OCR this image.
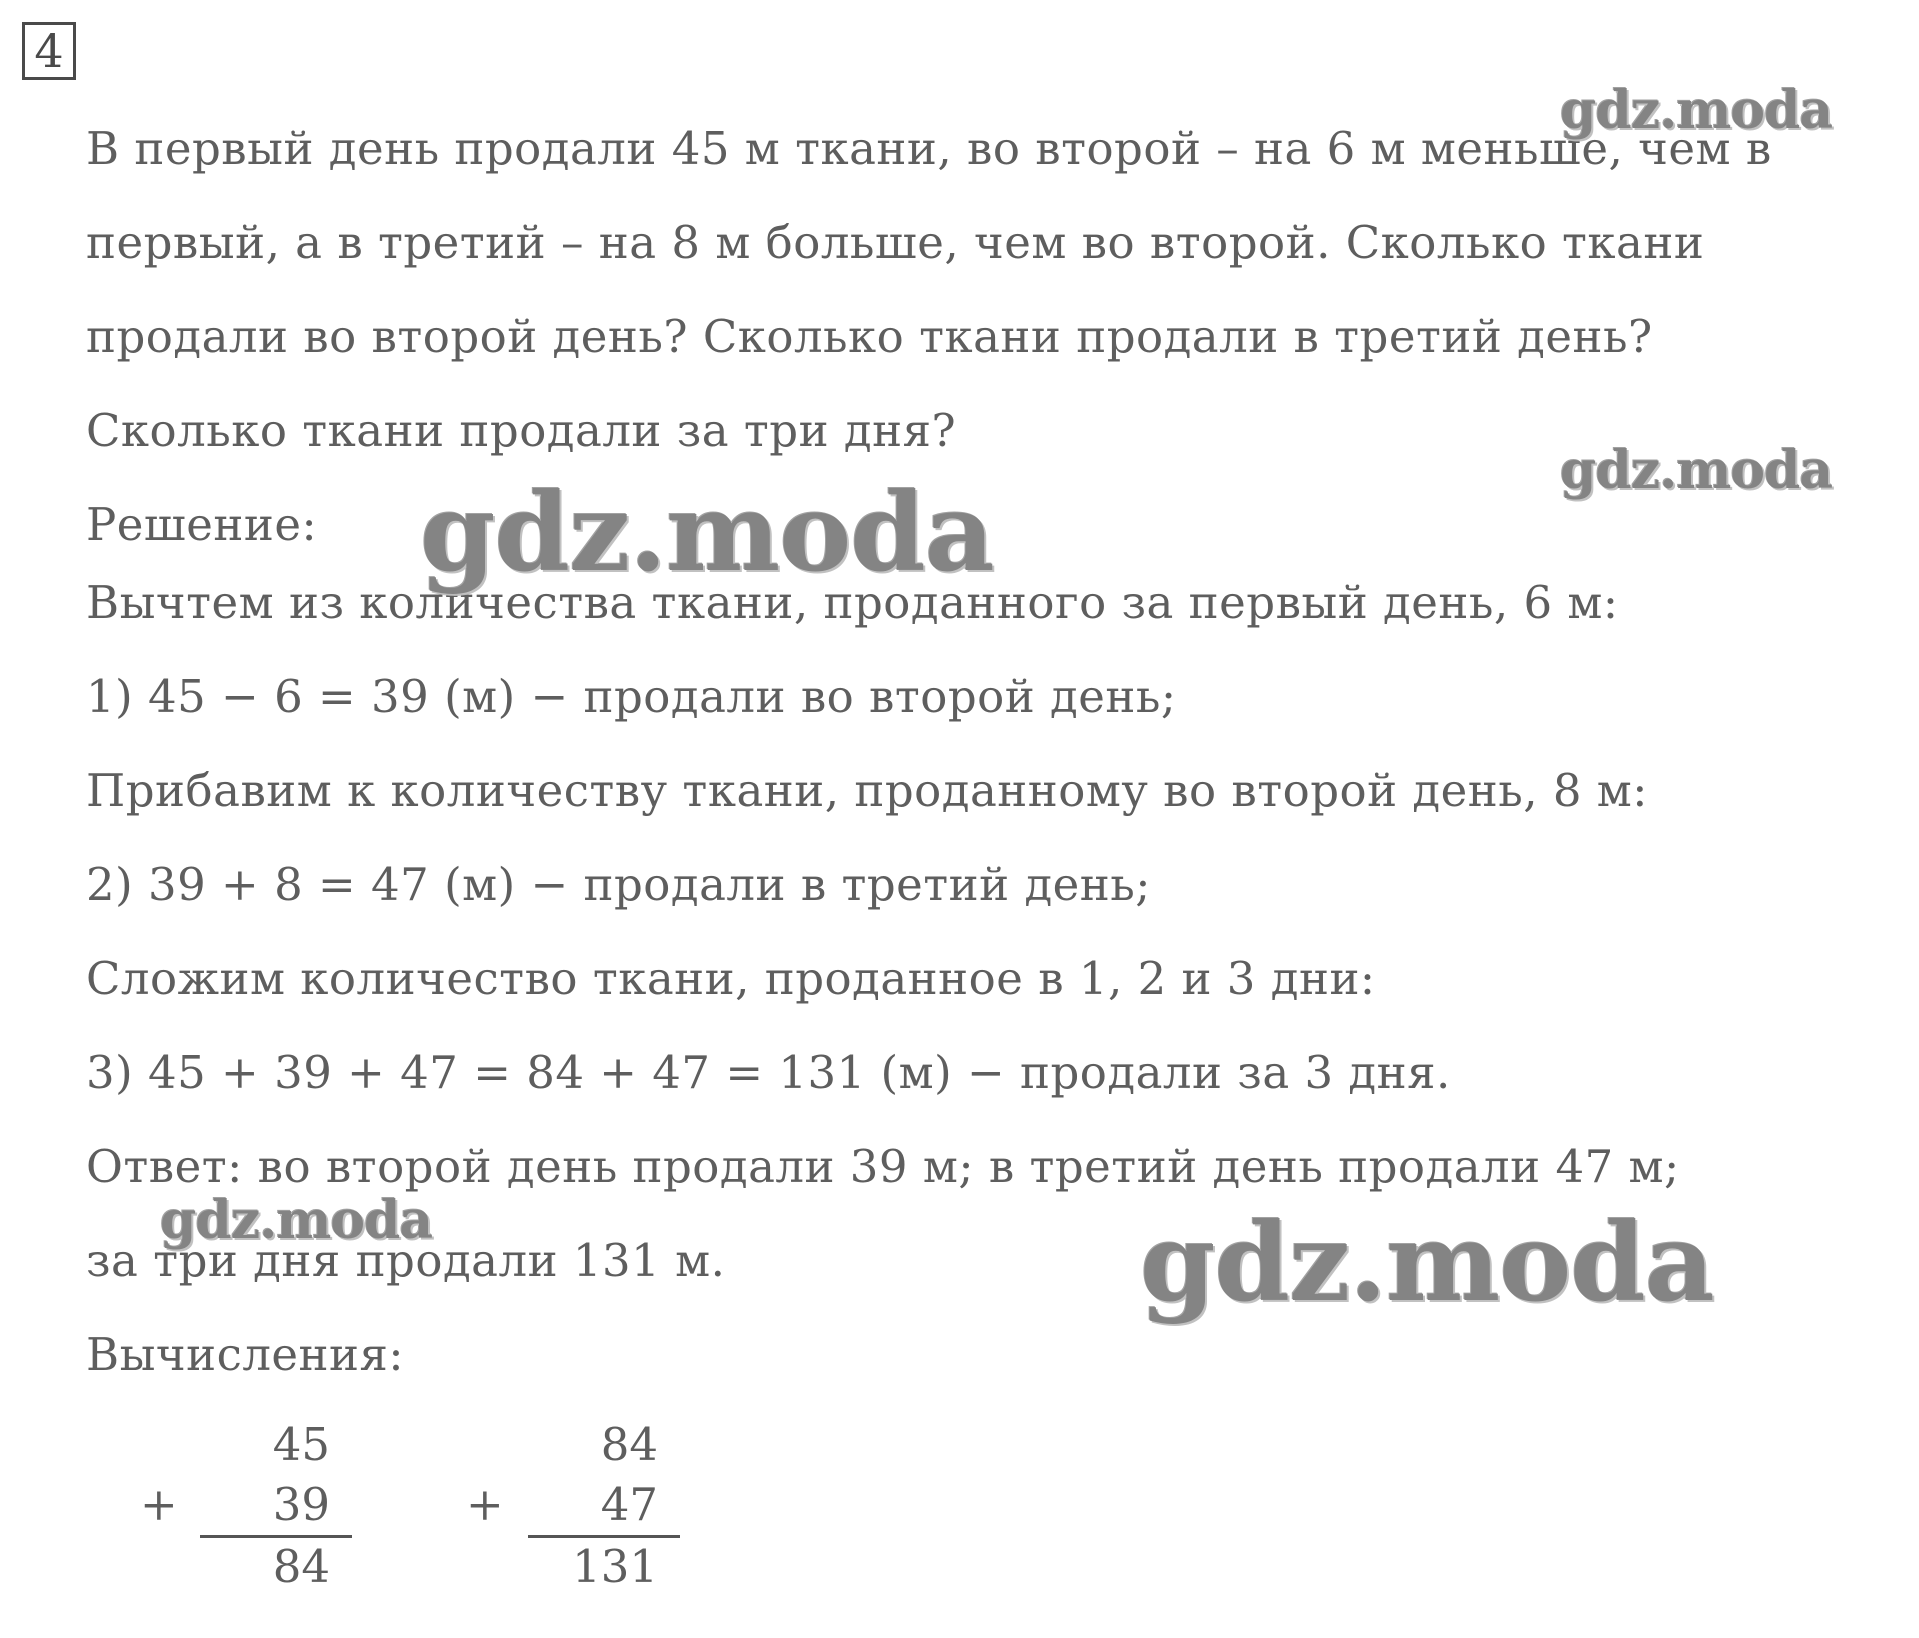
4
В первый день продали 45 м ткани, во второй – на 6 м меньше, чем в
первый, а в третий – на 8 м больше, чем во второй. Сколько ткани
продали во второй день? Сколько ткани продали в третий день?
Сколько ткани продали за три дня?
Решение:
Вычтем из количества ткани, проданного за первый день, 6 м:
1) 45 − 6 = 39 (м) − продали во второй день;
Прибавим к количеству ткани, проданному во второй день, 8 м:
2) 39 + 8 = 47 (м) − продали в третий день;
Сложим количество ткани, проданное в 1, 2 и 3 дни:
3) 45 + 39 + 47 = 84 + 47 = 131 (м) − продали за 3 дня.
Ответ: во второй день продали 39 м; в третий день продали 47 м;
за три дня продали 131 м.
Вычисления:
45
+	39
84
84
+	47
131
gdz.moda
gdz.moda
gdz.moda
gdz.moda	gdz.moda
